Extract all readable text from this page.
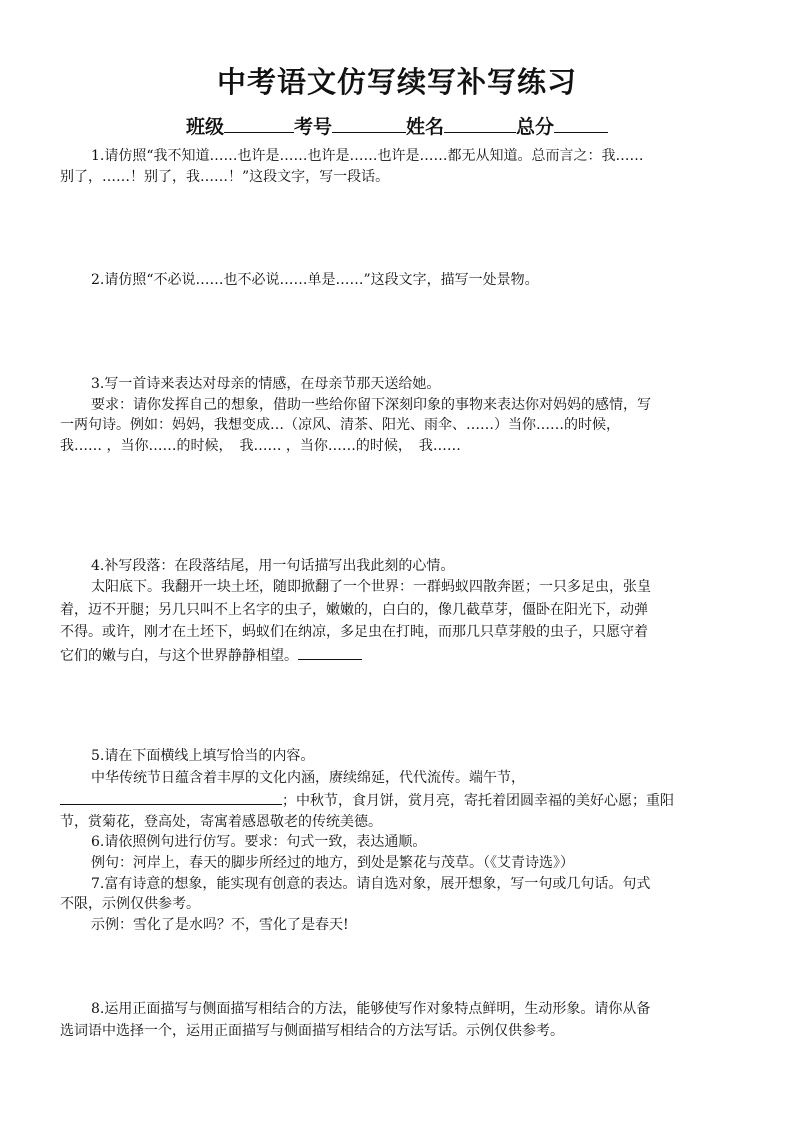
中考语文仿写续写补写练习
班级	考号	姓名	总分
1.请仿照“我不知道……也许是……也许是……也许是……都无从知道。总而言之：我……
别了，……！别了，我……！”这段文字，写一段话。
2.请仿照“不必说……也不必说……单是……”这段文字，描写一处景物。
3.写一首诗来表达对母亲的情感，在母亲节那天送给她。
要求：请你发挥自己的想象，借助一些给你留下深刻印象的事物来表达你对妈妈的感情，写
一两句诗。例如：妈妈，我想变成…（凉风、清茶、阳光、雨伞、……）当你……的时候，
我…… ，当你……的时候，　我…… ，当你……的时候，　我……
4.补写段落：在段落结尾，用一句话描写出我此刻的心情。
太阳底下。我翻开一块土坯，随即掀翻了一个世界：一群蚂蚁四散奔匿；一只多足虫，张皇
着，迈不开腿；另几只叫不上名字的虫子，嫩嫩的，白白的，像几截草芽，僵卧在阳光下，动弹
不得。或许，刚才在土坯下，蚂蚁们在纳凉，多足虫在打盹，而那几只草芽般的虫子，只愿守着
它们的嫩与白，与这个世界静静相望。
5.请在下面横线上填写恰当的内容。
中华传统节日蕴含着丰厚的文化内涵，赓续绵延，代代流传。端午节，
；中秋节，食月饼，赏月亮，寄托着团圆幸福的美好心愿；重阳
节，赏菊花，登高处，寄寓着感恩敬老的传统美德。
6.请依照例句进行仿写。要求：句式一致，表达通顺。
例句：河岸上，春天的脚步所经过的地方，到处是繁花与茂草。（《艾青诗选》）
7.富有诗意的想象，能实现有创意的表达。请自选对象，展开想象，写一句或几句话。句式
不限，示例仅供参考。
示例：雪化了是水吗？不，雪化了是春天!
8.运用正面描写与侧面描写相结合的方法，能够使写作对象特点鲜明，生动形象。请你从备
选词语中选择一个，运用正面描写与侧面描写相结合的方法写话。示例仅供参考。
